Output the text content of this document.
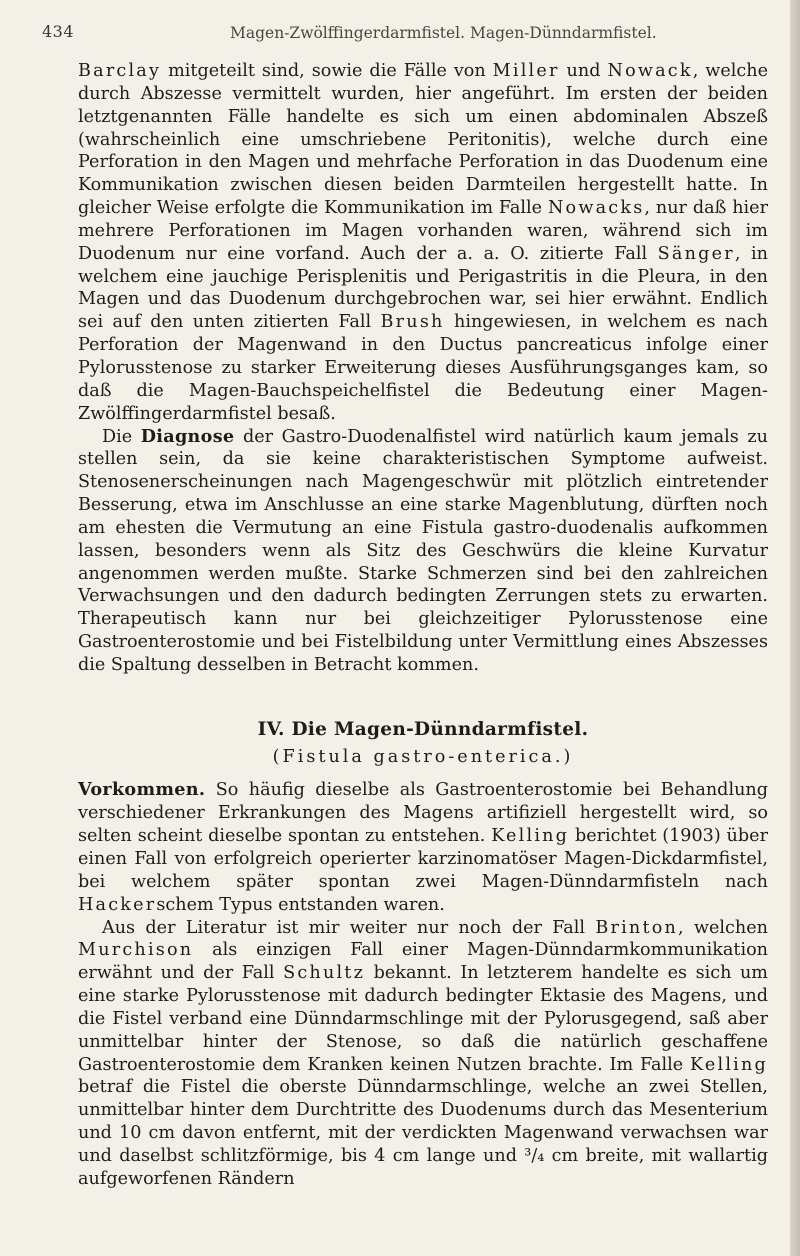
434	Magen-Zwölffingerdarmfistel. Magen-Dünndarmfistel.

Barclay mitgeteilt sind, sowie die Fälle von Miller und Nowack, welche durch Abszesse vermittelt wurden, hier angeführt. Im ersten der beiden letztgenannten Fälle handelte es sich um einen abdominalen Abszeß (wahrscheinlich eine umschriebene Peritonitis), welche durch eine Perforation in den Magen und mehrfache Perforation in das Duodenum eine Kommunikation zwischen diesen beiden Darmteilen hergestellt hatte. In gleicher Weise erfolgte die Kommunikation im Falle Nowacks, nur daß hier mehrere Perforationen im Magen vorhanden waren, während sich im Duodenum nur eine vorfand. Auch der a. a. O. zitierte Fall Sänger, in welchem eine jauchige Perisplenitis und Perigastritis in die Pleura, in den Magen und das Duodenum durchgebrochen war, sei hier erwähnt. Endlich sei auf den unten zitierten Fall Brush hingewiesen, in welchem es nach Perforation der Magenwand in den Ductus pancreaticus infolge einer Pylorusstenose zu starker Erweiterung dieses Ausführungsganges kam, so daß die Magen-Bauchspeichelfistel die Bedeutung einer Magen-Zwölffingerdarmfistel besaß.

Die Diagnose der Gastro-Duodenalfistel wird natürlich kaum jemals zu stellen sein, da sie keine charakteristischen Symptome aufweist. Stenosenerscheinungen nach Magengeschwür mit plötzlich eintretender Besserung, etwa im Anschlusse an eine starke Magenblutung, dürften noch am ehesten die Vermutung an eine Fistula gastro-duodenalis aufkommen lassen, besonders wenn als Sitz des Geschwürs die kleine Kurvatur angenommen werden mußte. Starke Schmerzen sind bei den zahlreichen Verwachsungen und den dadurch bedingten Zerrungen stets zu erwarten. Therapeutisch kann nur bei gleichzeitiger Pylorusstenose eine Gastroenterostomie und bei Fistelbildung unter Vermittlung eines Abszesses die Spaltung desselben in Betracht kommen.

IV. Die Magen-Dünndarmfistel.
(Fistula gastro-enterica.)

Vorkommen. So häufig dieselbe als Gastroenterostomie bei Behandlung verschiedener Erkrankungen des Magens artifiziell hergestellt wird, so selten scheint dieselbe spontan zu entstehen. Kelling berichtet (1903) über einen Fall von erfolgreich operierter karzinomatöser Magen-Dickdarmfistel, bei welchem später spontan zwei Magen-Dünndarmfisteln nach Hackerschem Typus entstanden waren.

Aus der Literatur ist mir weiter nur noch der Fall Brinton, welchen Murchison als einzigen Fall einer Magen-Dünndarmkommunikation erwähnt und der Fall Schultz bekannt. In letzterem handelte es sich um eine starke Pylorusstenose mit dadurch bedingter Ektasie des Magens, und die Fistel verband eine Dünndarmschlinge mit der Pylorusgegend, saß aber unmittelbar hinter der Stenose, so daß die natürlich geschaffene Gastroenterostomie dem Kranken keinen Nutzen brachte. Im Falle Kelling betraf die Fistel die oberste Dünndarmschlinge, welche an zwei Stellen, unmittelbar hinter dem Durchtritte des Duodenums durch das Mesenterium und 10 cm davon entfernt, mit der verdickten Magenwand verwachsen war und daselbst schlitzförmige, bis 4 cm lange und ³/₄ cm breite, mit wallartig aufgeworfenen Rändern
